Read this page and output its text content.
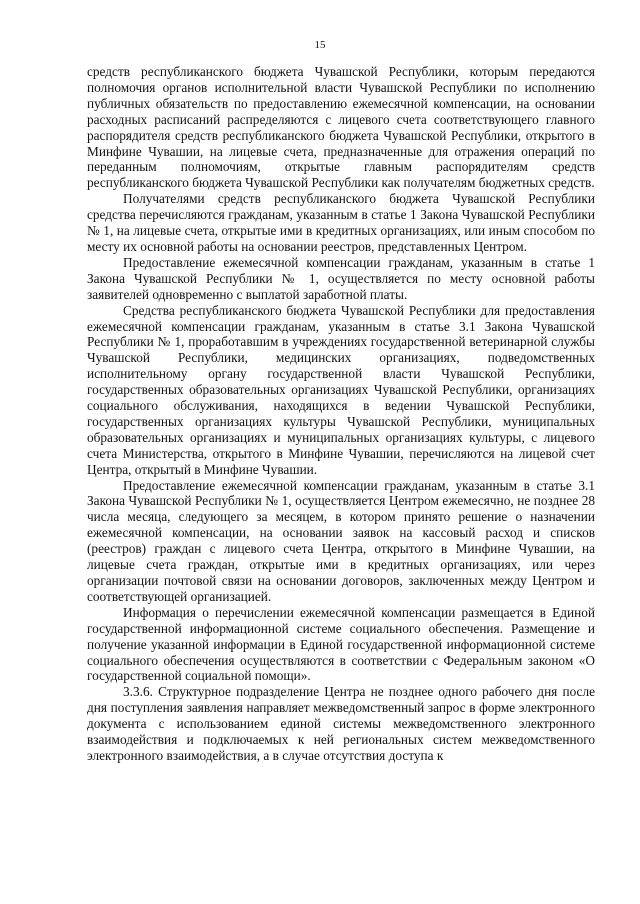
15

средств республиканского бюджета Чувашской Республики, которым передаются полномочия органов исполнительной власти Чувашской Республики по исполнению публичных обязательств по предоставлению ежемесячной компенсации, на основании расходных расписаний распределяются с лицевого счета соответствующего главного распорядителя средств республиканского бюджета Чувашской Республики, открытого в Минфине Чувашии, на лицевые счета, предназначенные для отражения операций по переданным полномочиям, открытые главным распорядителям средств республиканского бюджета Чувашской Республики как получателям бюджетных средств.

Получателями средств республиканского бюджета Чувашской Республики средства перечисляются гражданам, указанным в статье 1 Закона Чувашской Республики № 1, на лицевые счета, открытые ими в кредитных организациях, или иным способом по месту их основной работы на основании реестров, представленных Центром.

Предоставление ежемесячной компенсации гражданам, указанным в статье 1 Закона Чувашской Республики № 1, осуществляется по месту основной работы заявителей одновременно с выплатой заработной платы.

Средства республиканского бюджета Чувашской Республики для предоставления ежемесячной компенсации гражданам, указанным в статье 3.1 Закона Чувашской Республики № 1, проработавшим в учреждениях государственной ветеринарной службы Чувашской Республики, медицинских организациях, подведомственных исполнительному органу государственной власти Чувашской Республики, государственных образовательных организациях Чувашской Республики, организациях социального обслуживания, находящихся в ведении Чувашской Республики, государственных организациях культуры Чувашской Республики, муниципальных образовательных организациях и муниципальных организациях культуры, с лицевого счета Министерства, открытого в Минфине Чувашии, перечисляются на лицевой счет Центра, открытый в Минфине Чувашии.

Предоставление ежемесячной компенсации гражданам, указанным в статье 3.1 Закона Чувашской Республики № 1, осуществляется Центром ежемесячно, не позднее 28 числа месяца, следующего за месяцем, в котором принято решение о назначении ежемесячной компенсации, на основании заявок на кассовый расход и списков (реестров) граждан с лицевого счета Центра, открытого в Минфине Чувашии, на лицевые счета граждан, открытые ими в кредитных организациях, или через организации почтовой связи на основании договоров, заключенных между Центром и соответствующей организацией.

Информация о перечислении ежемесячной компенсации размещается в Единой государственной информационной системе социального обеспечения. Размещение и получение указанной информации в Единой государственной информационной системе социального обеспечения осуществляются в соответствии с Федеральным законом «О государственной социальной помощи».

3.3.6. Структурное подразделение Центра не позднее одного рабочего дня после дня поступления заявления направляет межведомственный запрос в форме электронного документа с использованием единой системы межведомственного электронного взаимодействия и подключаемых к ней региональных систем межведомственного электронного взаимодействия, а в случае отсутствия доступа к
